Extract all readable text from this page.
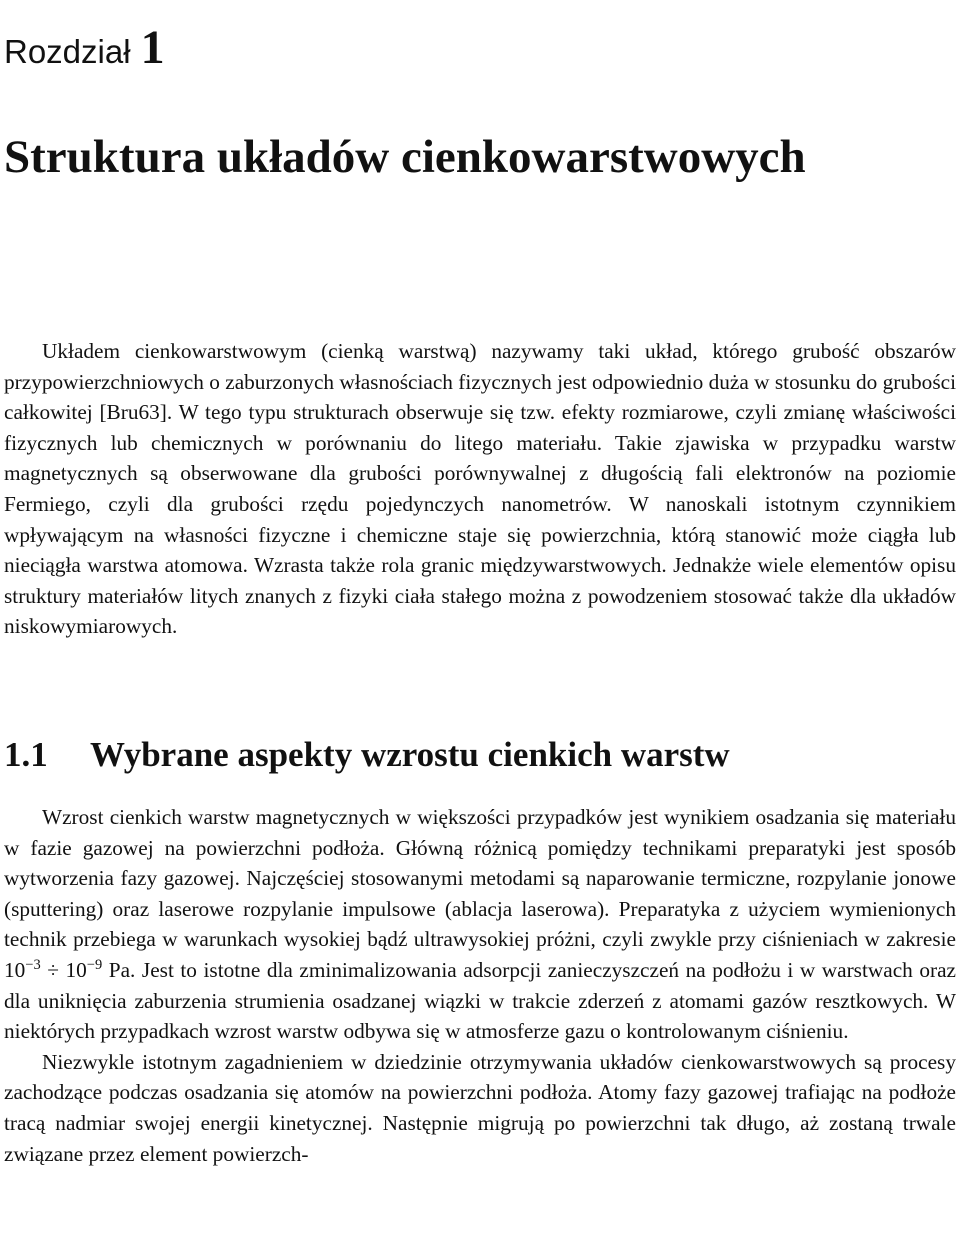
Rozdział 1
Struktura układów cienkowarstwowych

Układem cienkowarstwowym (cienką warstwą) nazywamy taki układ, którego grubość obszarów przypowierzchniowych o zaburzonych własnościach fizycznych jest odpowiednio duża w stosunku do grubości całkowitej [Bru63]. W tego typu strukturach obserwuje się tzw. efekty rozmiarowe, czyli zmianę właściwości fizycznych lub chemicznych w porównaniu do litego materiału. Takie zjawiska w przypadku warstw magnetycznych są obserwowane dla grubości porównywalnej z długością fali elektronów na poziomie Fermiego, czyli dla grubości rzędu pojedynczych nanometrów. W nanoskali istotnym czynnikiem wpływającym na własności fizyczne i chemiczne staje się powierzchnia, którą stanowić może ciągła lub nieciągła warstwa atomowa. Wzrasta także rola granic międzywarstwowych. Jednakże wiele elementów opisu struktury materiałów litych znanych z fizyki ciała stałego można z powodzeniem stosować także dla układów niskowymiarowych.

1.1 Wybrane aspekty wzrostu cienkich warstw

Wzrost cienkich warstw magnetycznych w większości przypadków jest wynikiem osadzania się materiału w fazie gazowej na powierzchni podłoża. Główną różnicą pomiędzy technikami preparatyki jest sposób wytworzenia fazy gazowej. Najczęściej stosowanymi metodami są naparowanie termiczne, rozpylanie jonowe (sputtering) oraz laserowe rozpylanie impulsowe (ablacja laserowa). Preparatyka z użyciem wymienionych technik przebiega w warunkach wysokiej bądź ultrawysokiej próżni, czyli zwykle przy ciśnieniach w zakresie $10^{-3} \div 10^{-9}$ Pa. Jest to istotne dla zminimalizowania adsorpcji zanieczyszczeń na podłożu i w warstwach oraz dla uniknięcia zaburzenia strumienia osadzanej wiązki w trakcie zderzeń z atomami gazów resztkowych. W niektórych przypadkach wzrost warstw odbywa się w atmosferze gazu o kontrolowanym ciśnieniu.

Niezwykle istotnym zagadnieniem w dziedzinie otrzymywania układów cienkowarstwowych są procesy zachodzące podczas osadzania się atomów na powierzchni podłoża. Atomy fazy gazowej trafiając na podłoże tracą nadmiar swojej energii kinetycznej. Następnie migrują po powierzchni tak długo, aż zostaną trwale związane przez element powierzch-
